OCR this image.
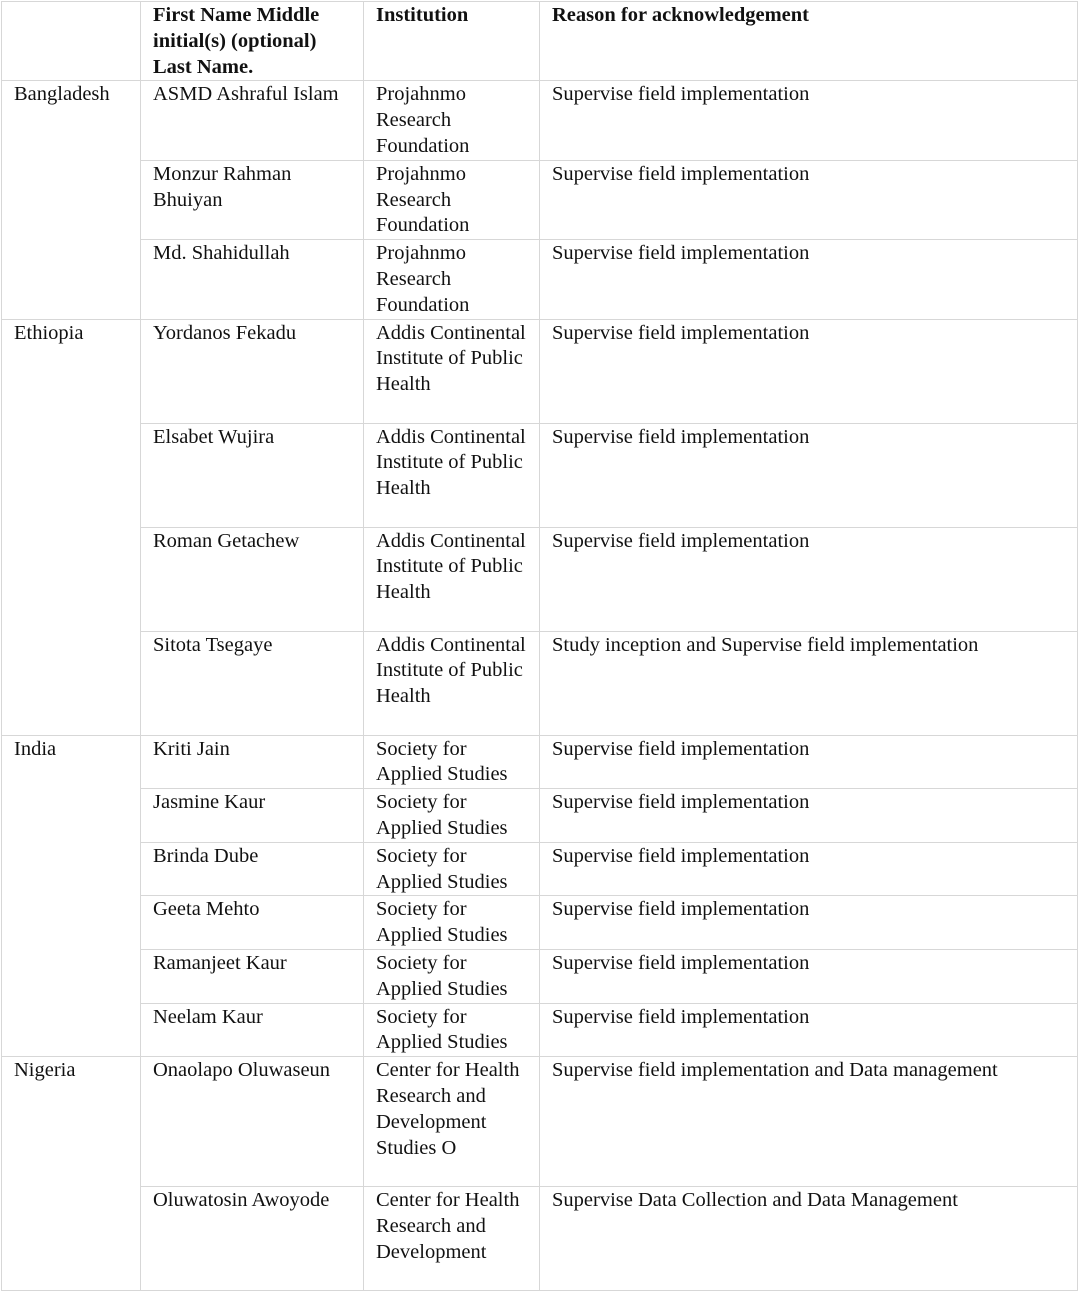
	First Name Middle initial(s) (optional) Last Name.	Institution	Reason for acknowledgement
Bangladesh	ASMD Ashraful Islam	Projahnmo Research Foundation	Supervise field implementation
	Monzur Rahman Bhuiyan	Projahnmo Research Foundation	Supervise field implementation
	Md. Shahidullah	Projahnmo Research Foundation	Supervise field implementation
Ethiopia	Yordanos Fekadu	Addis Continental Institute of Public Health	Supervise field implementation
	Elsabet Wujira	Addis Continental Institute of Public Health	Supervise field implementation
	Roman Getachew	Addis Continental Institute of Public Health	Supervise field implementation
	Sitota Tsegaye	Addis Continental Institute of Public Health	Study inception and Supervise field implementation
India	Kriti Jain	Society for Applied Studies	Supervise field implementation
	Jasmine Kaur	Society for Applied Studies	Supervise field implementation
	Brinda Dube	Society for Applied Studies	Supervise field implementation
	Geeta Mehto	Society for Applied Studies	Supervise field implementation
	Ramanjeet Kaur	Society for Applied Studies	Supervise field implementation
	Neelam Kaur	Society for Applied Studies	Supervise field implementation
Nigeria	Onaolapo Oluwaseun	Center for Health Research and Development Studies O	Supervise field implementation and Data management
	Oluwatosin Awoyode	Center for Health Research and Development	Supervise Data Collection and Data Management
